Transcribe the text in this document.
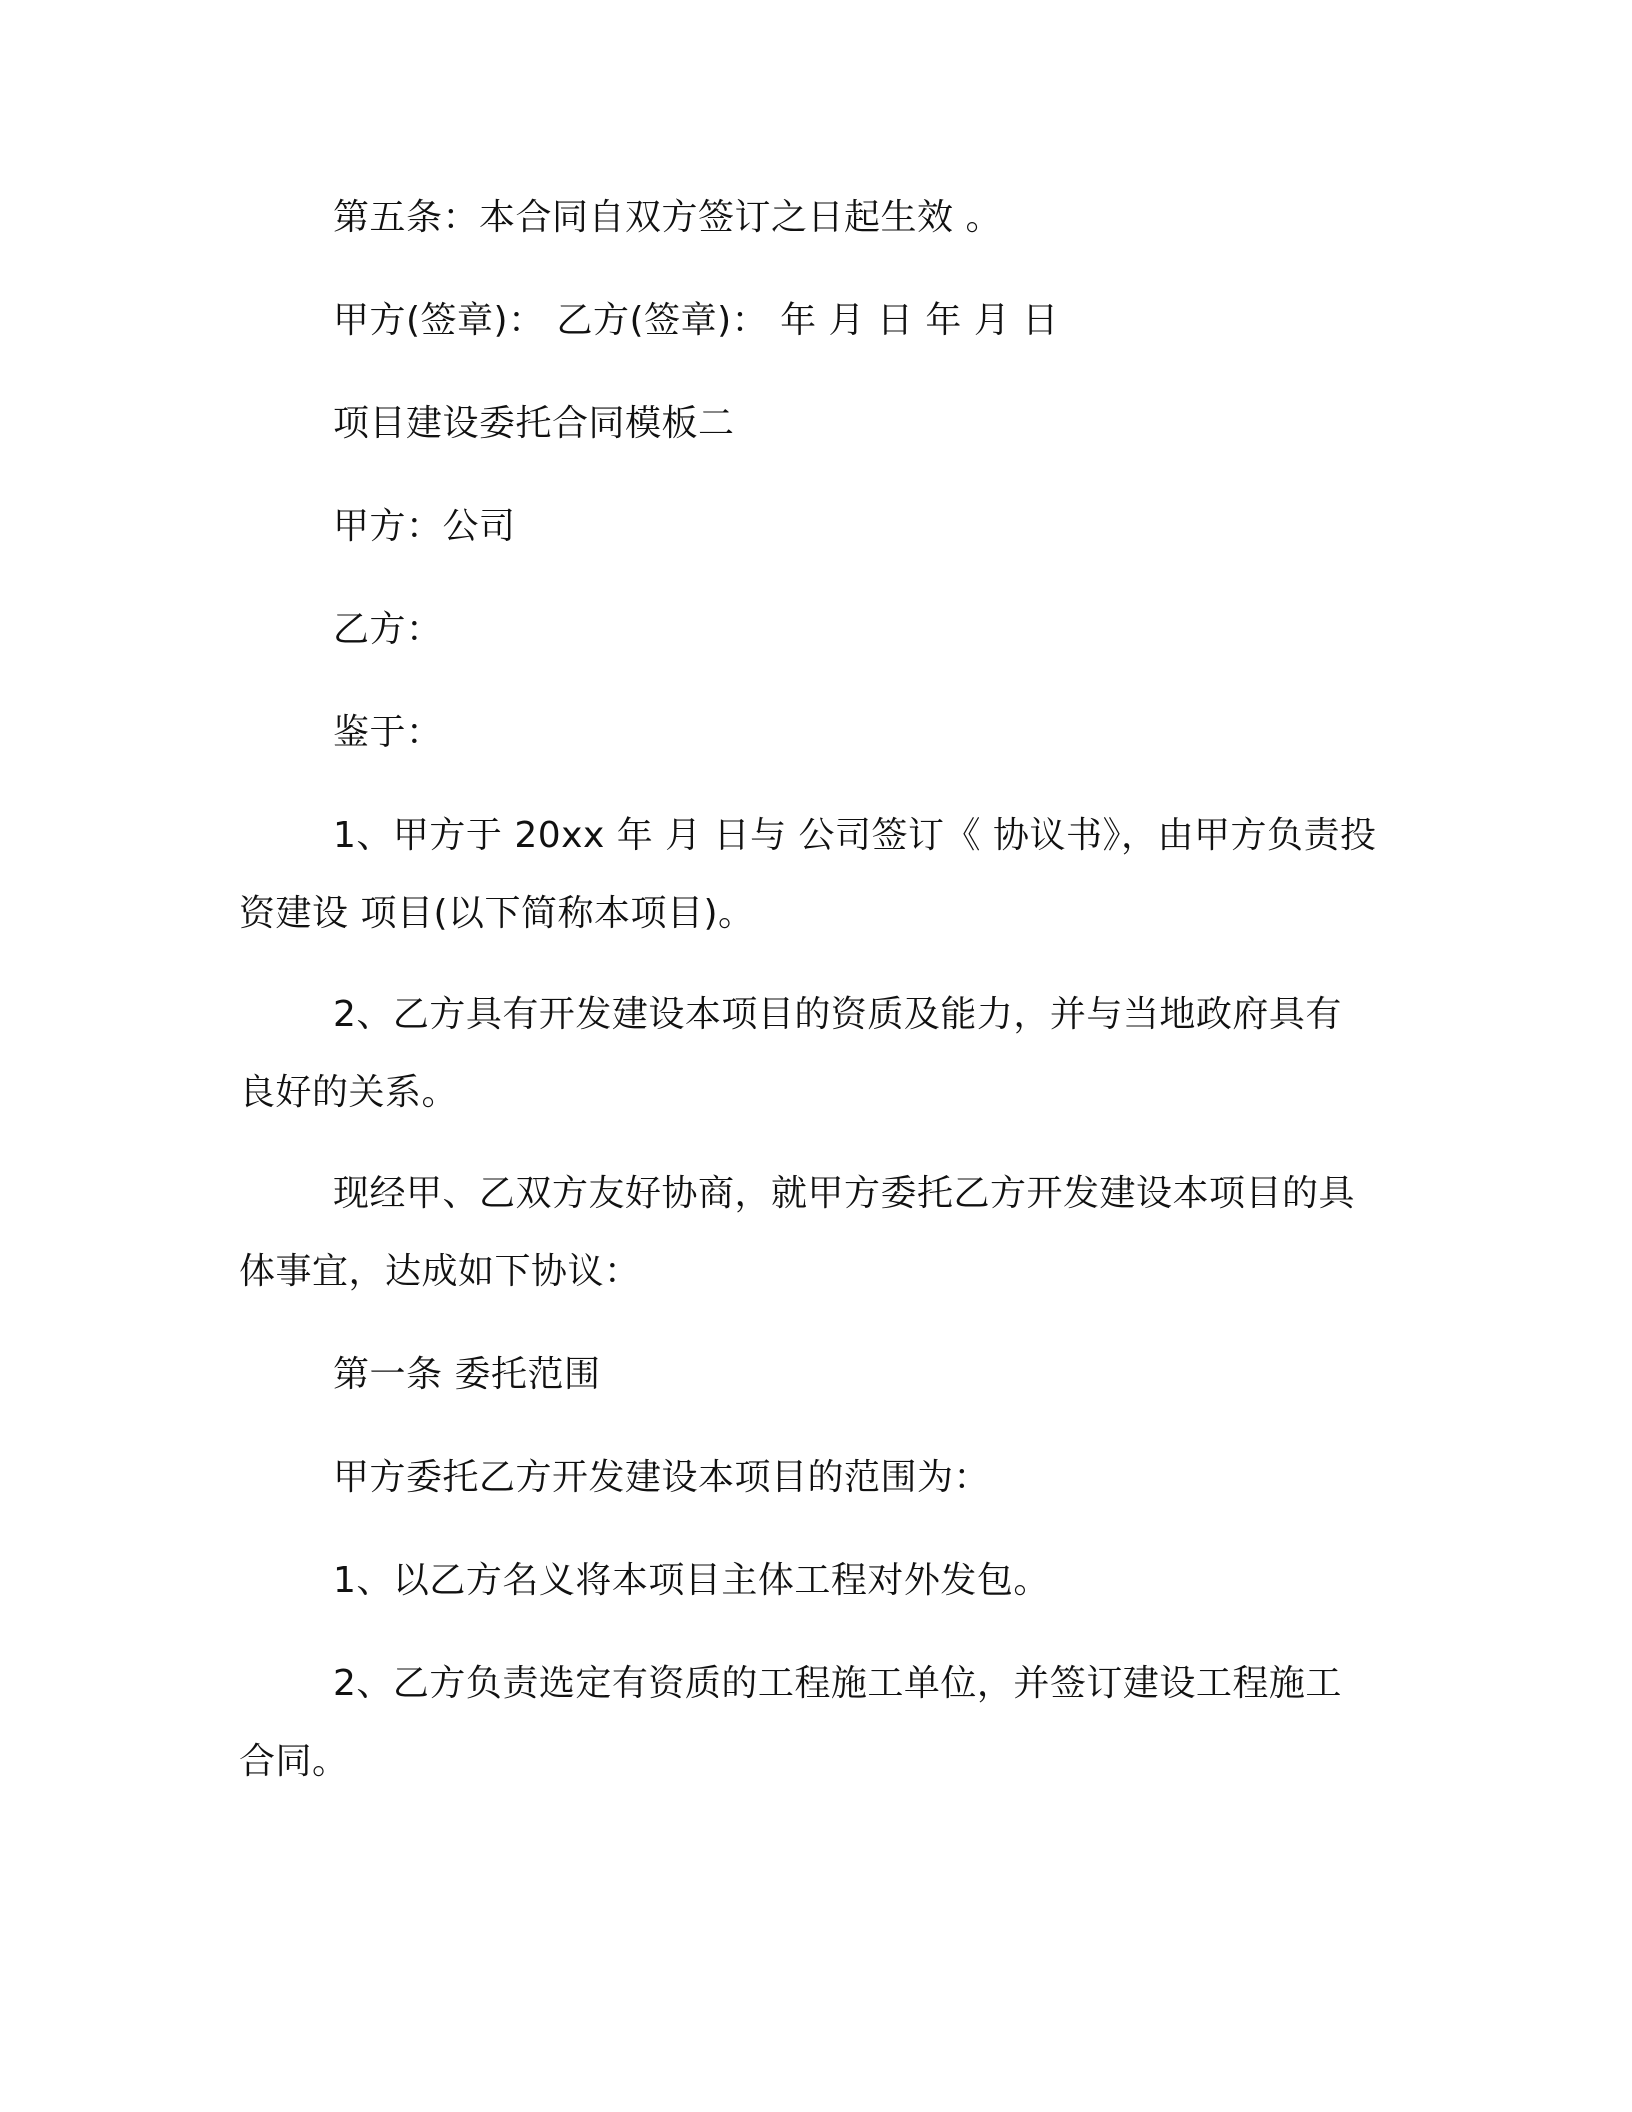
第五条：本合同自双方签订之日起生效 。
甲方(签章)： 乙方(签章)： 年 月 日 年 月 日
项目建设委托合同模板二
甲方：公司
乙方：
鉴于：
1、甲方于 20xx 年 月 日与 公司签订《 协议书》，由甲方负责投
资建设 项目(以下简称本项目)。
2、乙方具有开发建设本项目的资质及能力，并与当地政府具有
良好的关系。
现经甲、乙双方友好协商，就甲方委托乙方开发建设本项目的具
体事宜，达成如下协议：
第一条 委托范围
甲方委托乙方开发建设本项目的范围为：
1、以乙方名义将本项目主体工程对外发包。
2、乙方负责选定有资质的工程施工单位，并签订建设工程施工
合同。
